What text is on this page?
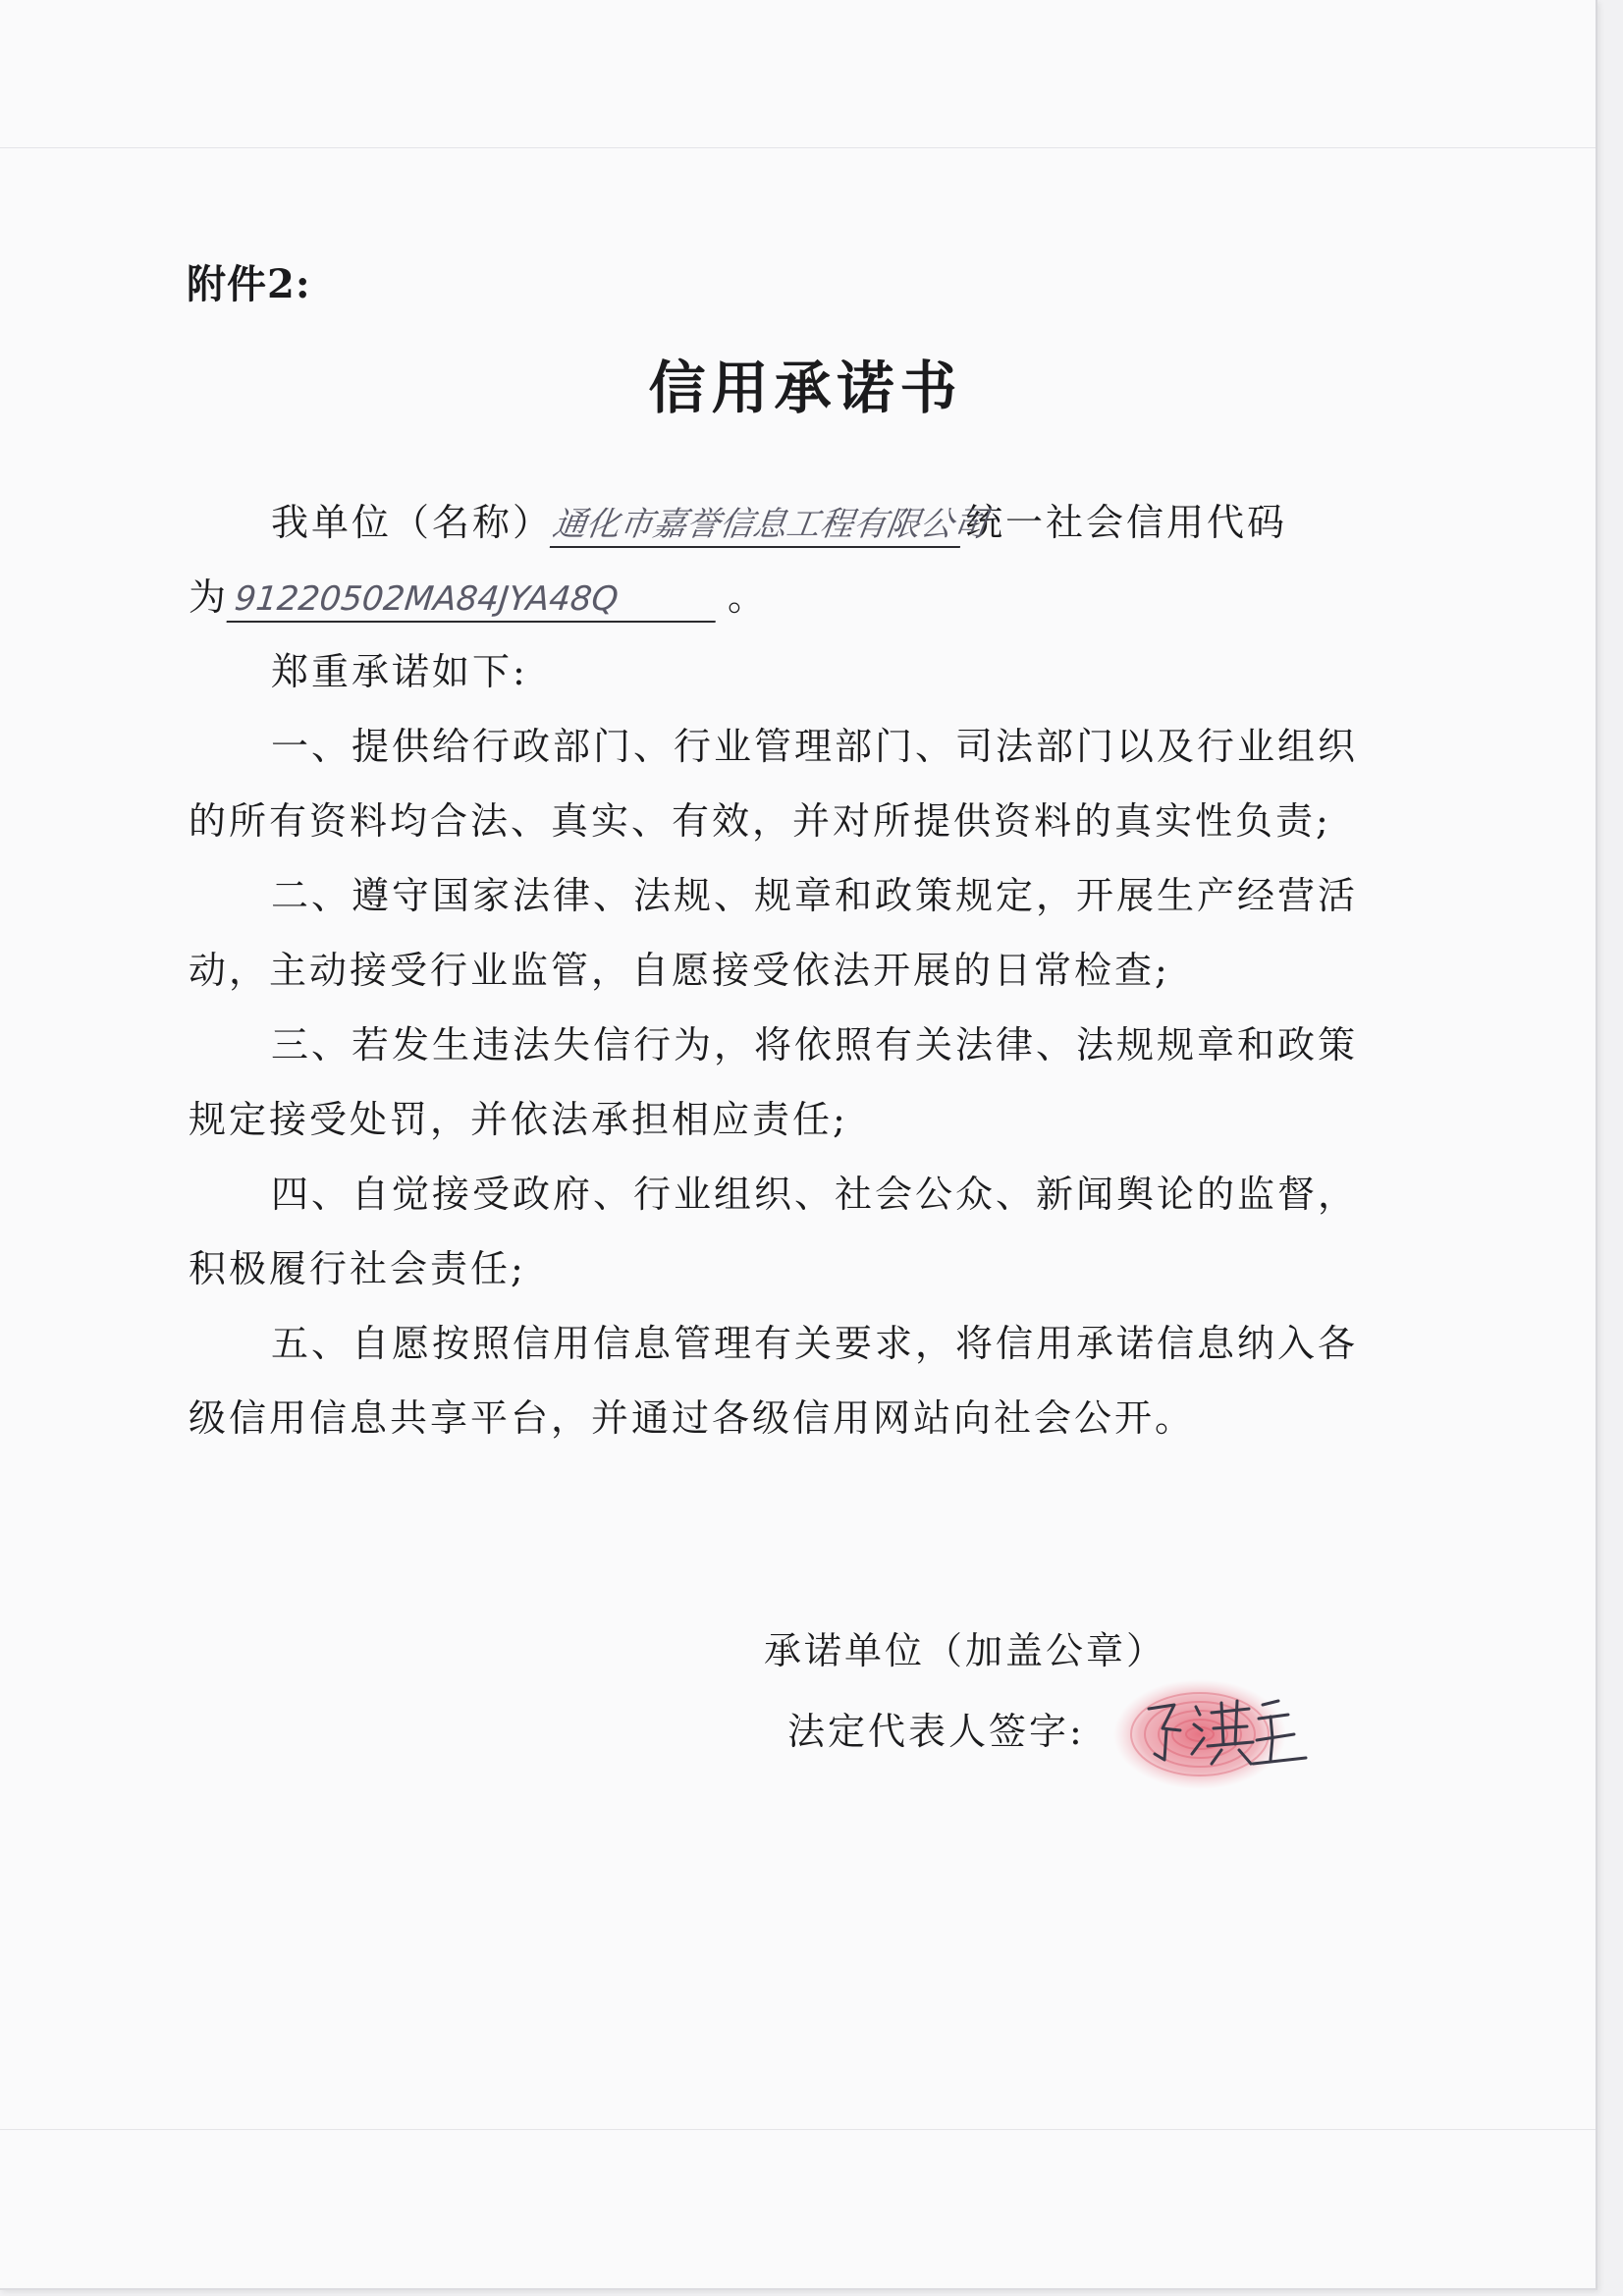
附件2:
信用承诺书
我单位（名称）通化市嘉誉信息工程有限公司统一社会信用代码
为 91220502MA84JYA48Q	。
郑重承诺如下:
一、提供给行政部门、行业管理部门、司法部门以及行业组织
的所有资料均合法、真实、有效，并对所提供资料的真实性负责;
二、遵守国家法律、法规、规章和政策规定，开展生产经营活
动，主动接受行业监管，自愿接受依法开展的日常检查;
三、若发生违法失信行为，将依照有关法律、法规规章和政策
规定接受处罚，并依法承担相应责任;
四、自觉接受政府、行业组织、社会公众、新闻舆论的监督，
积极履行社会责任;
五、自愿按照信用信息管理有关要求，将信用承诺信息纳入各
级信用信息共享平台，并通过各级信用网站向社会公开。
承诺单位（加盖公章）
法定代表人签字:
